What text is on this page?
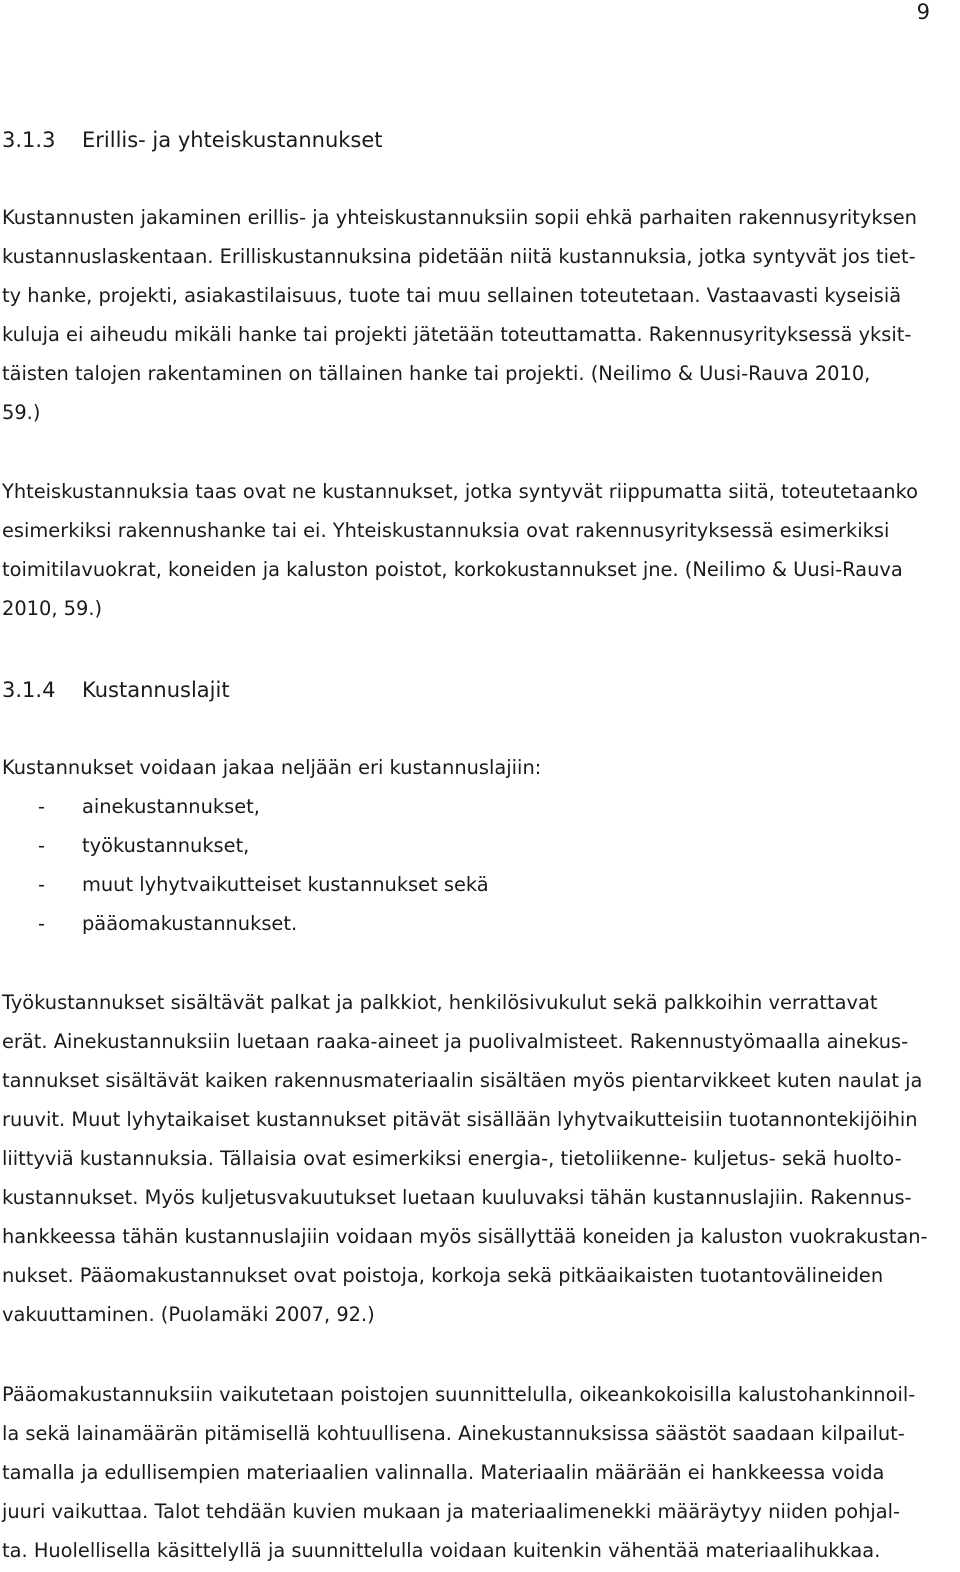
9
3.1.3 Erillis- ja yhteiskustannukset
Kustannusten jakaminen erillis- ja yhteiskustannuksiin sopii ehkä parhaiten rakennusyrityksen
kustannuslaskentaan. Erilliskustannuksina pidetään niitä kustannuksia, jotka syntyvät jos tiet-
ty hanke, projekti, asiakastilaisuus, tuote tai muu sellainen toteutetaan. Vastaavasti kyseisiä
kuluja ei aiheudu mikäli hanke tai projekti jätetään toteuttamatta. Rakennusyrityksessä yksit-
täisten talojen rakentaminen on tällainen hanke tai projekti. (Neilimo & Uusi-Rauva 2010,
59.)
Yhteiskustannuksia taas ovat ne kustannukset, jotka syntyvät riippumatta siitä, toteutetaanko
esimerkiksi rakennushanke tai ei. Yhteiskustannuksia ovat rakennusyrityksessä esimerkiksi
toimitilavuokrat, koneiden ja kaluston poistot, korkokustannukset jne. (Neilimo & Uusi-Rauva
2010, 59.)
3.1.4 Kustannuslajit
Kustannukset voidaan jakaa neljään eri kustannuslajiin:
- ainekustannukset,
- työkustannukset,
- muut lyhytvaikutteiset kustannukset sekä
- pääomakustannukset.
Työkustannukset sisältävät palkat ja palkkiot, henkilösivukulut sekä palkkoihin verrattavat
erät. Ainekustannuksiin luetaan raaka-aineet ja puolivalmisteet. Rakennustyömaalla ainekus-
tannukset sisältävät kaiken rakennusmateriaalin sisältäen myös pientarvikkeet kuten naulat ja
ruuvit. Muut lyhytaikaiset kustannukset pitävät sisällään lyhytvaikutteisiin tuotannontekijöihin
liittyviä kustannuksia. Tällaisia ovat esimerkiksi energia-, tietoliikenne- kuljetus- sekä huolto-
kustannukset. Myös kuljetusvakuutukset luetaan kuuluvaksi tähän kustannuslajiin. Rakennus-
hankkeessa tähän kustannuslajiin voidaan myös sisällyttää koneiden ja kaluston vuokrakustan-
nukset. Pääomakustannukset ovat poistoja, korkoja sekä pitkäaikaisten tuotantovälineiden
vakuuttaminen. (Puolamäki 2007, 92.)
Pääomakustannuksiin vaikutetaan poistojen suunnittelulla, oikeankokoisilla kalustohankinnoil-
la sekä lainamäärän pitämisellä kohtuullisena. Ainekustannuksissa säästöt saadaan kilpailut-
tamalla ja edullisempien materiaalien valinnalla. Materiaalin määrään ei hankkeessa voida
juuri vaikuttaa. Talot tehdään kuvien mukaan ja materiaalimenekki määräytyy niiden pohjal-
ta. Huolellisella käsittelyllä ja suunnittelulla voidaan kuitenkin vähentää materiaalihukkaa.
